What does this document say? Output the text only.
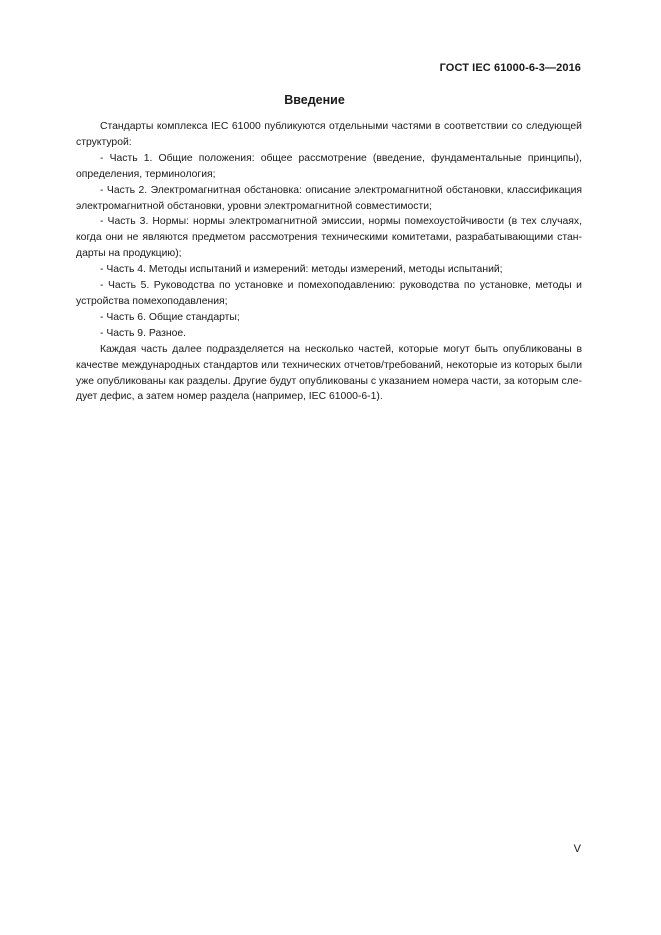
ГОСТ IEC 61000-6-3—2016
Введение

Стандарты комплекса IEC 61000 публикуются отдельными частями в соответствии со следующей
структурой:

- Часть 1. Общие положения: общее рассмотрение (введение, фундаментальные принципы),
определения, терминология;

- Часть 2. Электромагнитная обстановка: описание электромагнитной обстановки, классификация
электромагнитной обстановки, уровни электромагнитной совместимости;

- Часть 3. Нормы: нормы электромагнитной эмиссии, нормы помехоустойчивости (в тех случаях,
когда они не являются предметом рассмотрения техническими комитетами, разрабатывающими стан-
дарты на продукцию);

- Часть 4. Методы испытаний и измерений: методы измерений, методы испытаний;

- Часть 5. Руководства по установке и помехоподавлению: руководства по установке, методы и
устройства помехоподавления;

- Часть 6. Общие стандарты;

- Часть 9. Разное.

Каждая часть далее подразделяется на несколько частей, которые могут быть опубликованы в
качестве международных стандартов или технических отчетов/требований, некоторые из которых были
уже опубликованы как разделы. Другие будут опубликованы с указанием номера части, за которым сле-
дует дефис, а затем номер раздела (например, IEC 61000-6-1).

V
